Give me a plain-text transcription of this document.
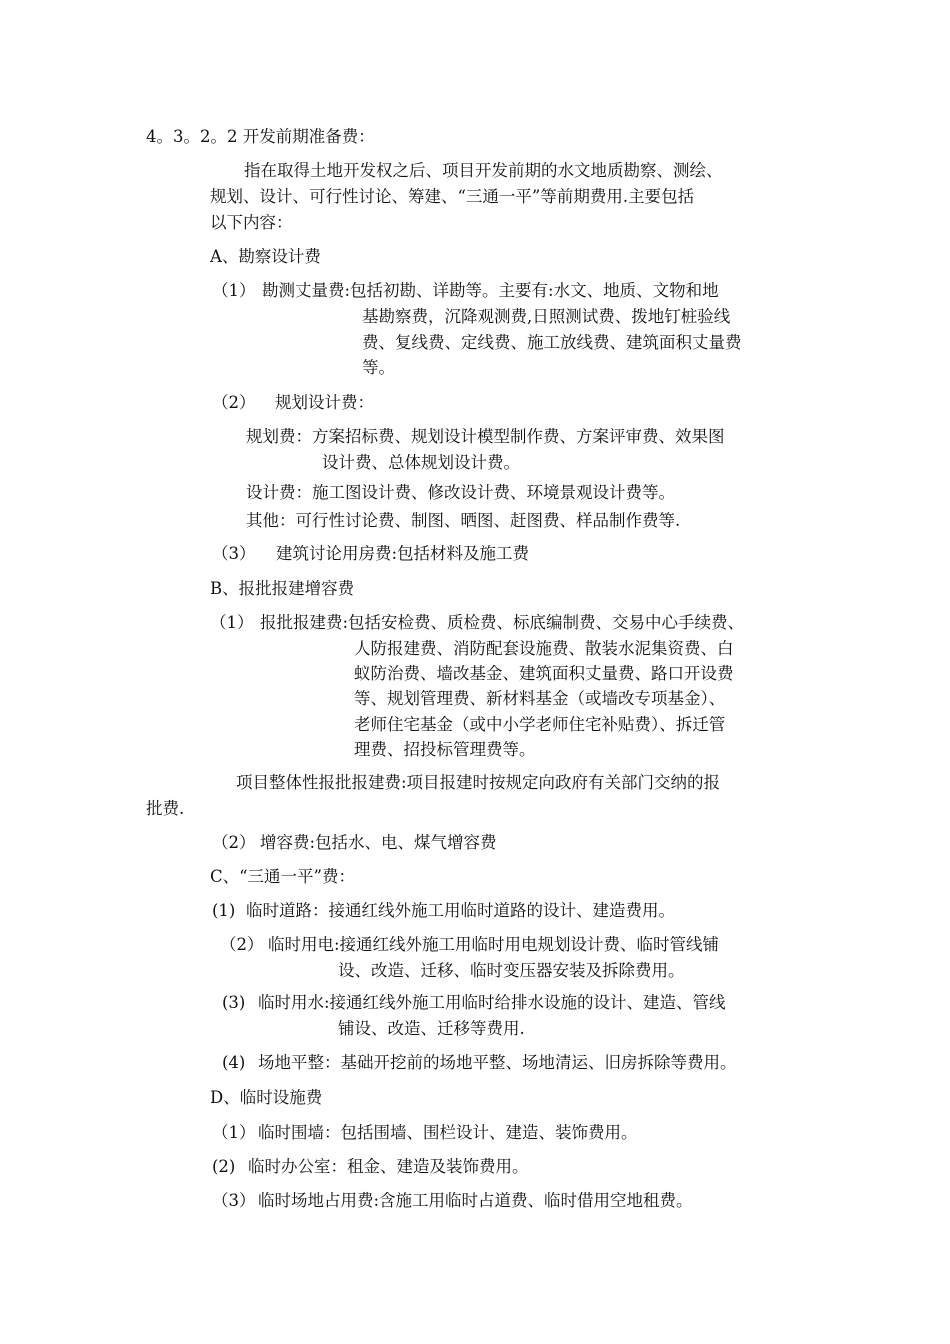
4。3。2。2 开发前期准备费：
指在取得土地开发权之后、项目开发前期的水文地质勘察、测绘、
规划、设计、可行性讨论、筹建、“三通一平”等前期费用.主要包括
以下内容：
A、勘察设计费
（1） 勘测丈量费:包括初勘、详勘等。主要有:水文、地质、文物和地
基勘察费，沉降观测费,日照测试费、拨地钉桩验线
费、复线费、定线费、施工放线费、建筑面积丈量费
等。
（2） 规划设计费：
规划费：方案招标费、规划设计模型制作费、方案评审费、效果图
设计费、总体规划设计费。
设计费：施工图设计费、修改设计费、环境景观设计费等。
其他：可行性讨论费、制图、晒图、赶图费、样品制作费等.
（3） 建筑讨论用房费:包括材料及施工费
B、报批报建增容费
（1） 报批报建费:包括安检费、质检费、标底编制费、交易中心手续费、
人防报建费、消防配套设施费、散装水泥集资费、白
蚁防治费、墙改基金、建筑面积丈量费、路口开设费
等、规划管理费、新材料基金（或墙改专项基金）、
老师住宅基金（或中小学老师住宅补贴费）、拆迁管
理费、招投标管理费等。
项目整体性报批报建费:项目报建时按规定向政府有关部门交纳的报
批费.
（2） 增容费:包括水、电、煤气增容费
C、“三通一平”费：
(1) 临时道路：接通红线外施工用临时道路的设计、建造费用。
（2） 临时用电:接通红线外施工用临时用电规划设计费、临时管线铺
设、改造、迁移、临时变压器安装及拆除费用。
(3) 临时用水:接通红线外施工用临时给排水设施的设计、建造、管线
铺设、改造、迁移等费用.
(4) 场地平整：基础开挖前的场地平整、场地清运、旧房拆除等费用。
D、临时设施费
（1） 临时围墙：包括围墙、围栏设计、建造、装饰费用。
(2) 临时办公室：租金、建造及装饰费用。
（3） 临时场地占用费:含施工用临时占道费、临时借用空地租费。
